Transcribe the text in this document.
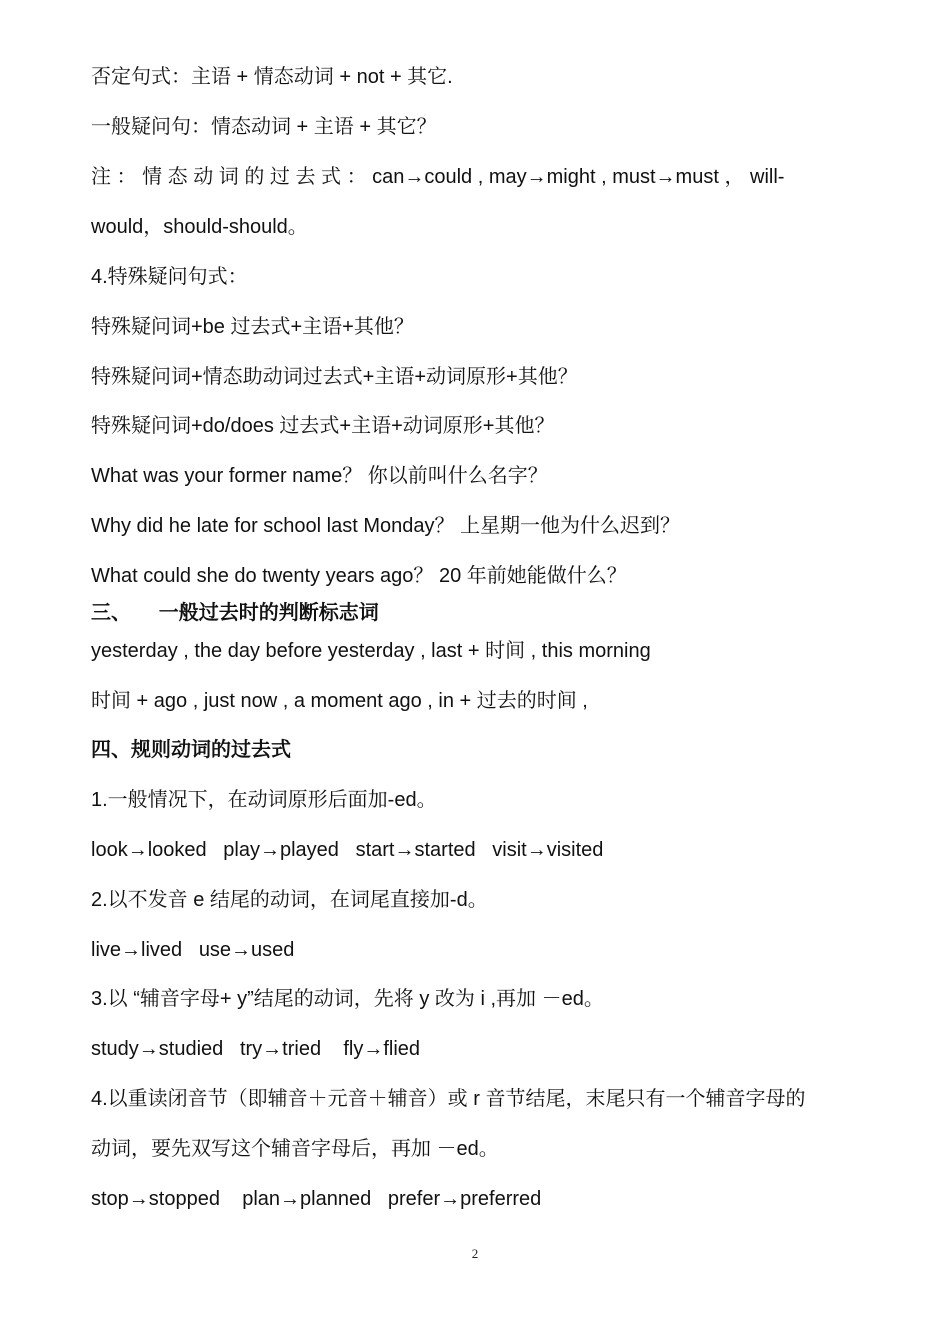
否定句式：主语 + 情态动词 + not + 其它.
一般疑问句：情态动词 + 主语 + 其它？
注 ： 情 态 动 词 的 过 去 式 ： can→could , may→might , must→must ， will-
would，should-should。
4.特殊疑问句式：
特殊疑问词+be 过去式+主语+其他？
特殊疑问词+情态助动词过去式+主语+动词原形+其他？
特殊疑问词+do/does 过去式+主语+动词原形+其他？
What was your former name？ 你以前叫什么名字？
Why did he late for school last Monday？ 上星期一他为什么迟到？
What could she do twenty years ago？ 20 年前她能做什么？
三、     一般过去时的判断标志词
yesterday , the day before yesterday , last + 时间 , this morning
时间 + ago , just now , a moment ago , in + 过去的时间 ,
四、规则动词的过去式
1.一般情况下，在动词原形后面加-ed。
look→looked   play→played   start→started   visit→visited
2.以不发音 e 结尾的动词，在词尾直接加-d。
live→lived   use→used
3.以 “辅音字母+ y”结尾的动词，先将 y 改为 i ,再加 －ed。
study→studied   try→tried    fly→flied
4.以重读闭音节（即辅音＋元音＋辅音）或 r 音节结尾，末尾只有一个辅音字母的
动词，要先双写这个辅音字母后，再加 －ed。
stop→stopped    plan→planned   prefer→preferred
2
